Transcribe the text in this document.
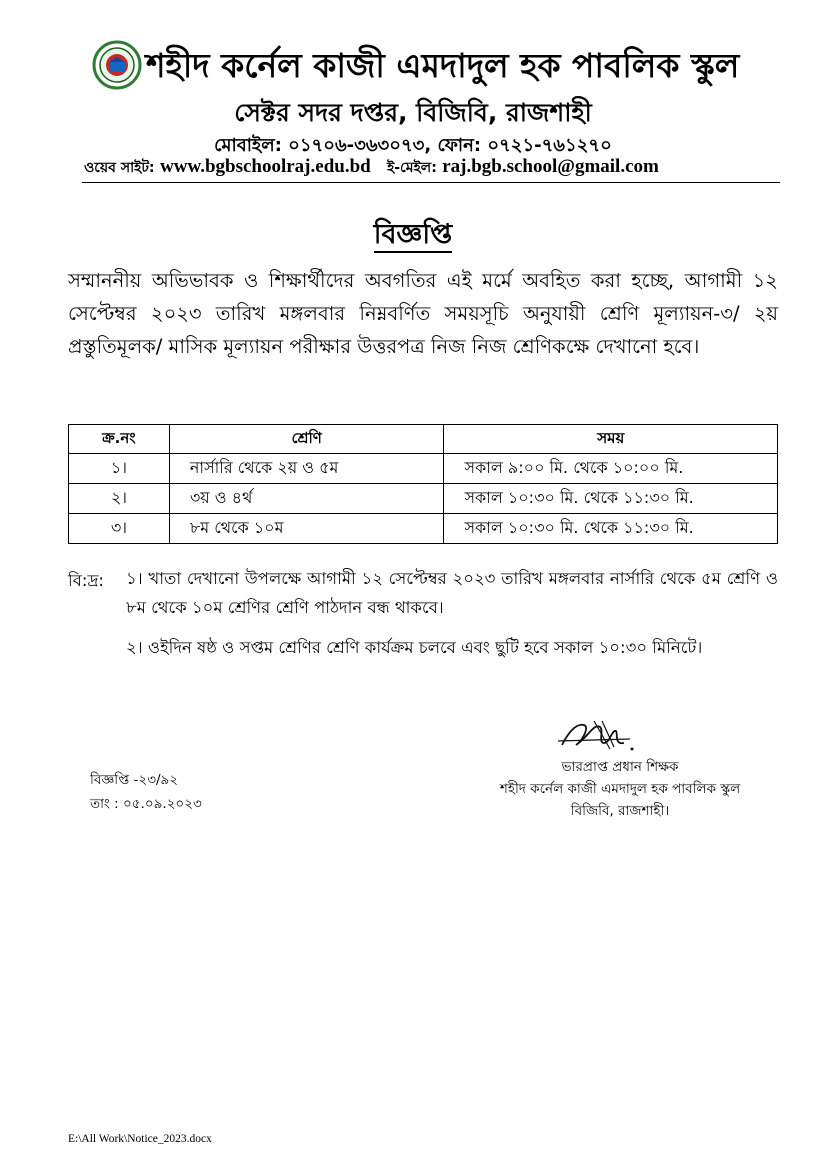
শহীদ কর্নেল কাজী এমদাদুল হক পাবলিক স্কুল
সেক্টর সদর দপ্তর, বিজিবি, রাজশাহী
মোবাইল: ০১৭০৬-৩৬৩০৭৩, ফোন: ০৭২১-৭৬১২৭০
ওয়েব সাইট: www.bgbschoolraj.edu.bd ই-মেইল: raj.bgb.school@gmail.com
বিজ্ঞপ্তি
সম্মাননীয় অভিভাবক ও শিক্ষার্থীদের অবগতির এই মর্মে অবহিত করা হচ্ছে, আগামী ১২ সেপ্টেম্বর ২০২৩ তারিখ মঙ্গলবার নিম্নবর্ণিত সময়সূচি অনুযায়ী শ্রেণি মূল্যায়ন-৩/ ২য় প্রস্তুতিমূলক/ মাসিক মূল্যায়ন পরীক্ষার উত্তরপত্র নিজ নিজ শ্রেণিকক্ষে দেখানো হবে।
ক্র.নং	শ্রেণি	সময়
১।	নার্সারি থেকে ২য় ও ৫ম	সকাল ৯:০০ মি. থেকে ১০:০০ মি.
২।	৩য় ও ৪র্থ	সকাল ১০:৩০ মি. থেকে ১১:৩০ মি.
৩।	৮ম থেকে ১০ম	সকাল ১০:৩০ মি. থেকে ১১:৩০ মি.
বি:দ্র: ১। খাতা দেখানো উপলক্ষে আগামী ১২ সেপ্টেম্বর ২০২৩ তারিখ মঙ্গলবার নার্সারি থেকে ৫ম শ্রেণি ও ৮ম থেকে ১০ম শ্রেণির শ্রেণি পাঠদান বন্ধ থাকবে।
২। ওইদিন ষষ্ঠ ও সপ্তম শ্রেণির শ্রেণি কার্যক্রম চলবে এবং ছুটি হবে সকাল ১০:৩০ মিনিটে।
ভারপ্রাপ্ত প্রধান শিক্ষক
শহীদ কর্নেল কাজী এমদাদুল হক পাবলিক স্কুল
বিজিবি, রাজশাহী।
বিজ্ঞপ্তি -২৩/৯২
তাং : ০৫.০৯.২০২৩
E:\All Work\Notice_2023.docx
